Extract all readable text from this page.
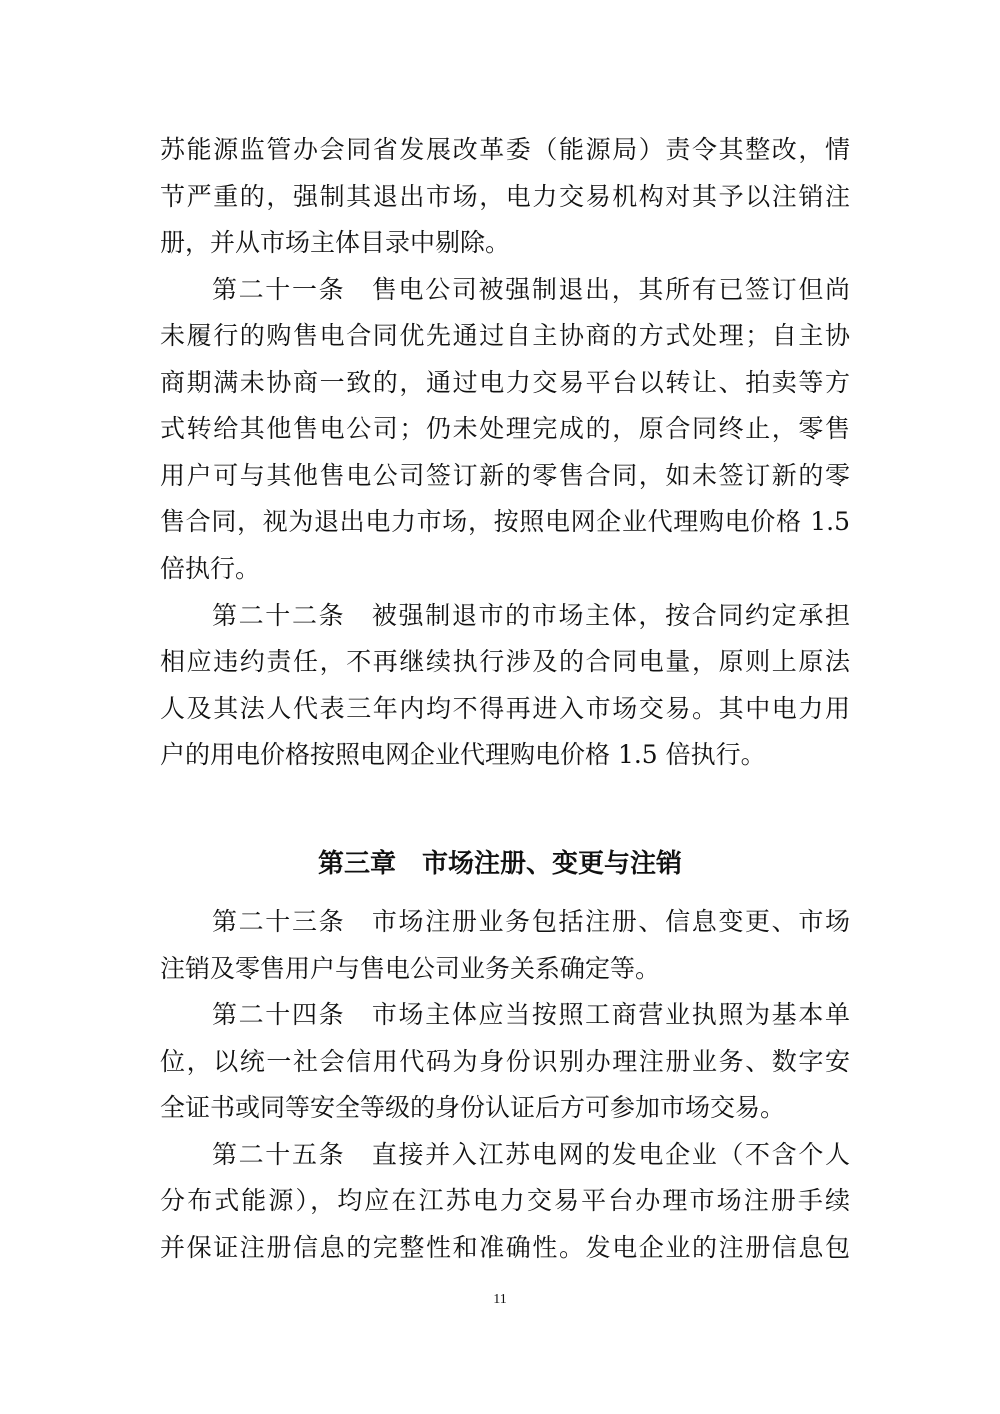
苏能源监管办会同省发展改革委（能源局）责令其整改，情
节严重的，强制其退出市场，电力交易机构对其予以注销注
册，并从市场主体目录中剔除。
第二十一条　售电公司被强制退出，其所有已签订但尚
未履行的购售电合同优先通过自主协商的方式处理；自主协
商期满未协商一致的，通过电力交易平台以转让、拍卖等方
式转给其他售电公司；仍未处理完成的，原合同终止，零售
用户可与其他售电公司签订新的零售合同，如未签订新的零
售合同，视为退出电力市场，按照电网企业代理购电价格 1.5
倍执行。
第二十二条　被强制退市的市场主体，按合同约定承担
相应违约责任，不再继续执行涉及的合同电量，原则上原法
人及其法人代表三年内均不得再进入市场交易。其中电力用
户的用电价格按照电网企业代理购电价格 1.5 倍执行。
第三章　市场注册、变更与注销
第二十三条　市场注册业务包括注册、信息变更、市场
注销及零售用户与售电公司业务关系确定等。
第二十四条　市场主体应当按照工商营业执照为基本单
位，以统一社会信用代码为身份识别办理注册业务、数字安
全证书或同等安全等级的身份认证后方可参加市场交易。
第二十五条　直接并入江苏电网的发电企业（不含个人
分布式能源），均应在江苏电力交易平台办理市场注册手续
并保证注册信息的完整性和准确性。发电企业的注册信息包
11
